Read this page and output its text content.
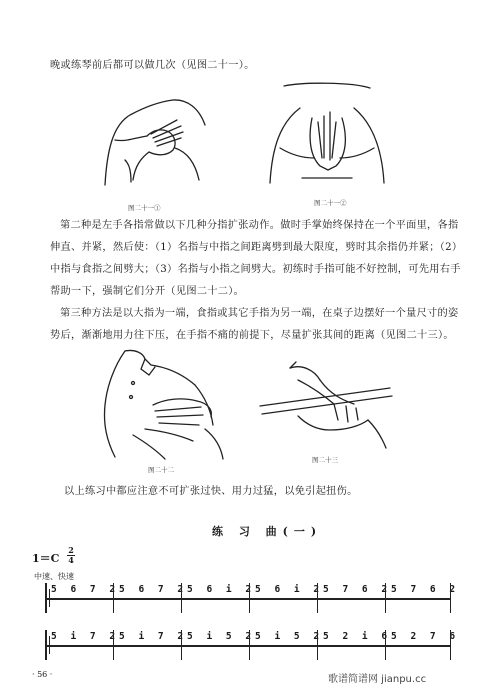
晚或练琴前后都可以做几次（见图二十一）。
图二十一①
图二十一②
第二种是左手各指常做以下几种分指扩张动作。做时手掌始终保持在一个平面里，各指
伸直、并紧，然后使：（1）名指与中指之间距离劈到最大限度，劈时其余指仍并紧；（2）
中指与食指之间劈大；（3）名指与小指之间劈大。初练时手指可能不好控制，可先用右手
帮助一下，强制它们分开（见图二十二）。
第三种方法是以大指为一端，食指或其它手指为另一端，在桌子边摆好一个量尺寸的姿
势后，渐渐地用力往下压，在手指不痛的前提下，尽量扩张其间的距离（见图二十三）。
图二十二
图二十三
以上练习中都应注意不可扩张过快、用力过猛，以免引起扭伤。
练 习 曲(一)
1＝C
2
4
中速、快速
5 6 7 2 5 6 7 2 5 6 i 2 5 6 i 2 5 7 6 2 5 7 6 2
5 i 7 2 5 i 7 2 5 i 5 2 5 i 5 2 5 2 i 6 5 2 7 6
· 56 ·	歌谱简谱网 jianpu.cc
